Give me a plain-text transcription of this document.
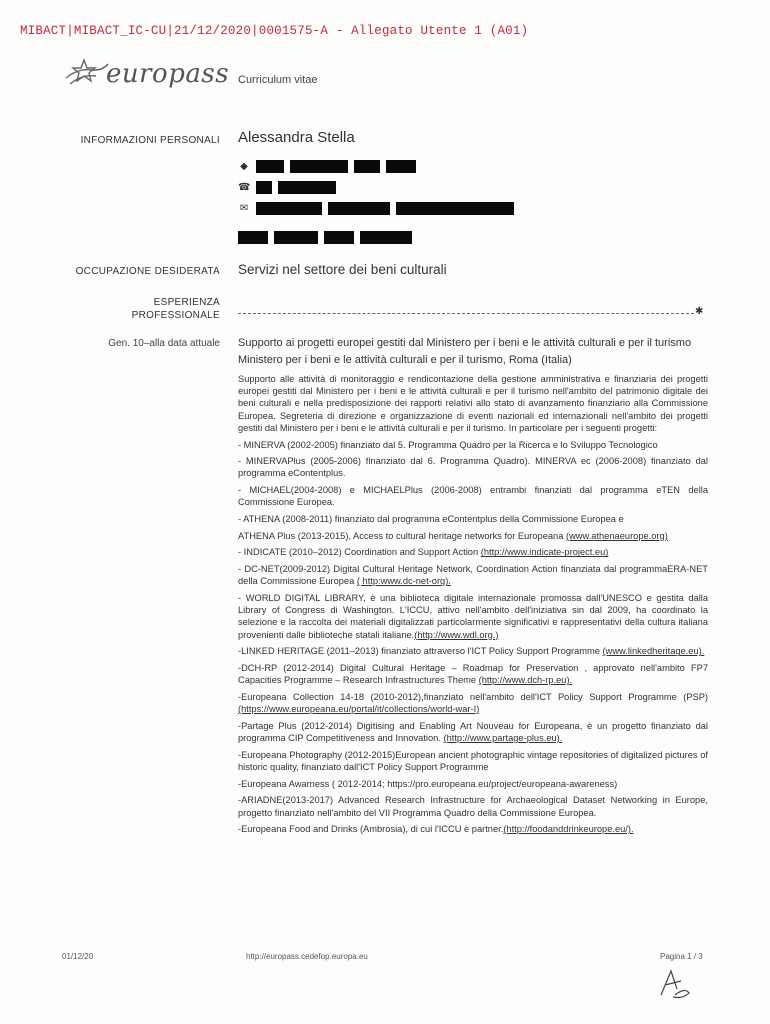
MIBACT|MIBACT_IC-CU|21/12/2020|0001575-A - Allegato Utente 1 (A01)
europass Curriculum vitae
INFORMAZIONI PERSONALI Alessandra Stella
◆
☎
✉
OCCUPAZIONE DESIDERATA Servizi nel settore dei beni culturali
ESPERIENZA
PROFESSIONALE	✱
Gen. 10–alla data attuale Supporto ai progetti europei gestiti dal Ministero per i beni e le attività culturali e per il turismo
Ministero per i beni e le attività culturali e per il turismo, Roma (Italia)

Supporto alle attività di monitoraggio e rendicontazione della gestione amministrativa e finanziaria dei progetti europei gestiti dal Ministero per i beni e le attività culturali e per il turismo nell'ambito del patrimonio digitale dei beni culturali e nella predisposizione dei rapporti relativi allo stato di avanzamento finanziario alla Commissione Europea. Segreteria di direzione e organizzazione di eventi nazionali ed internazionali nell'ambito dei progetti gestiti dal Ministero per i beni e le attività culturali e per il turismo. In particolare per i seguenti progetti:

- MINERVA (2002-2005) finanziato dal 5. Programma Quadro per la Ricerca e lo Sviluppo Tecnologico

- MINERVAPlus (2005-2006) finanziato dal 6. Programma Quadro). MINERVA ec (2006-2008) finanziato dal programma eContentplus.

- MICHAEL(2004-2008) e MICHAELPlus (2006-2008) entrambi finanziati dal programma eTEN della Commissione Europea.

- ATHENA (2008-2011) finanziato dal programma eContentplus della Commissione Europea e

ATHENA Plus (2013-2015), Access to cultural heritage networks for Europeana (www.athenaeurope.org)

- INDICATE (2010–2012) Coordination and Support Action (http://www.indicate-project.eu)

- DC-NET(2009-2012) Digital Cultural Heritage Network, Coordination Action finanziata dal programmaERA-NET della Commissione Europea ( http:www.dc-net-org).

- WORLD DIGITAL LIBRARY, è una biblioteca digitale internazionale promossa dall'UNESCO e gestita dalla Library of Congress di Washington. L'ICCU, attivo nell'ambito dell'iniziativa sin dal 2009, ha coordinato la selezione e la raccolta dei materiali digitalizzati particolarmente significativi e rappresentativi della cultura italiana provenienti dalle biblioteche statali italiane.(http://www.wdl.org.)

-LINKED HERITAGE (2011–2013) finanziato attraverso l'ICT Policy Support Programme (www.linkedheritage.eu).

-DCH-RP (2012-2014) Digital Cultural Heritage – Roadmap for Preservation , approvato nell'ambito FP7 Capacities Programme – Research Infrastructures Theme (http://www.dch-rp.eu).

-Europeana Collection 14-18 (2010-2012),finanziato nell'ambito dell'ICT Policy Support Programme (PSP) (https://www.europeana.eu/portal/it/collections/world-war-I)

-Partage Plus (2012-2014) Digitising and Enabling Art Nouveau for Europeana, è un progetto finanziato dal programma CIP Competitiveness and Innovation. (http://www.partage-plus.eu).

-Europeana Photography (2012-2015)European ancient photographic vintage repositories of digitalized pictures of historic quality, finanziato dall'ICT Policy Support Programme

-Europeana Awarness ( 2012-2014; https://pro.europeana.eu/project/europeana-awareness)

-ARIADNE(2013-2017) Advanced Research Infrastructure for Archaeological Dataset Networking in Europe, progetto finanziato nell'ambito del VII Programma Quadro della Commissione Europea.

-Europeana Food and Drinks (Ambrosia), di cui l'ICCU è partner.(http://foodanddrinkeurope.eu/).

01/12/20	http://europass.cedefop.europa.eu	Pagina 1 / 3
